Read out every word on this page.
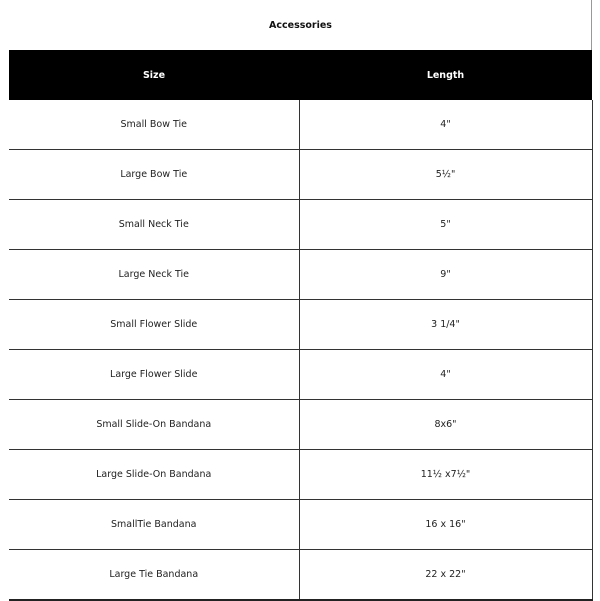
Accessories
Size	Length
Small Bow Tie	4"
Large Bow Tie	5½"
Small Neck Tie	5"
Large Neck Tie	9"
Small Flower Slide	3 1/4"
Large Flower Slide	4"
Small Slide-On Bandana	8x6"
Large Slide-On Bandana	11½ x7½"
SmallTie Bandana	16 x 16"
Large Tie Bandana	22 x 22"
